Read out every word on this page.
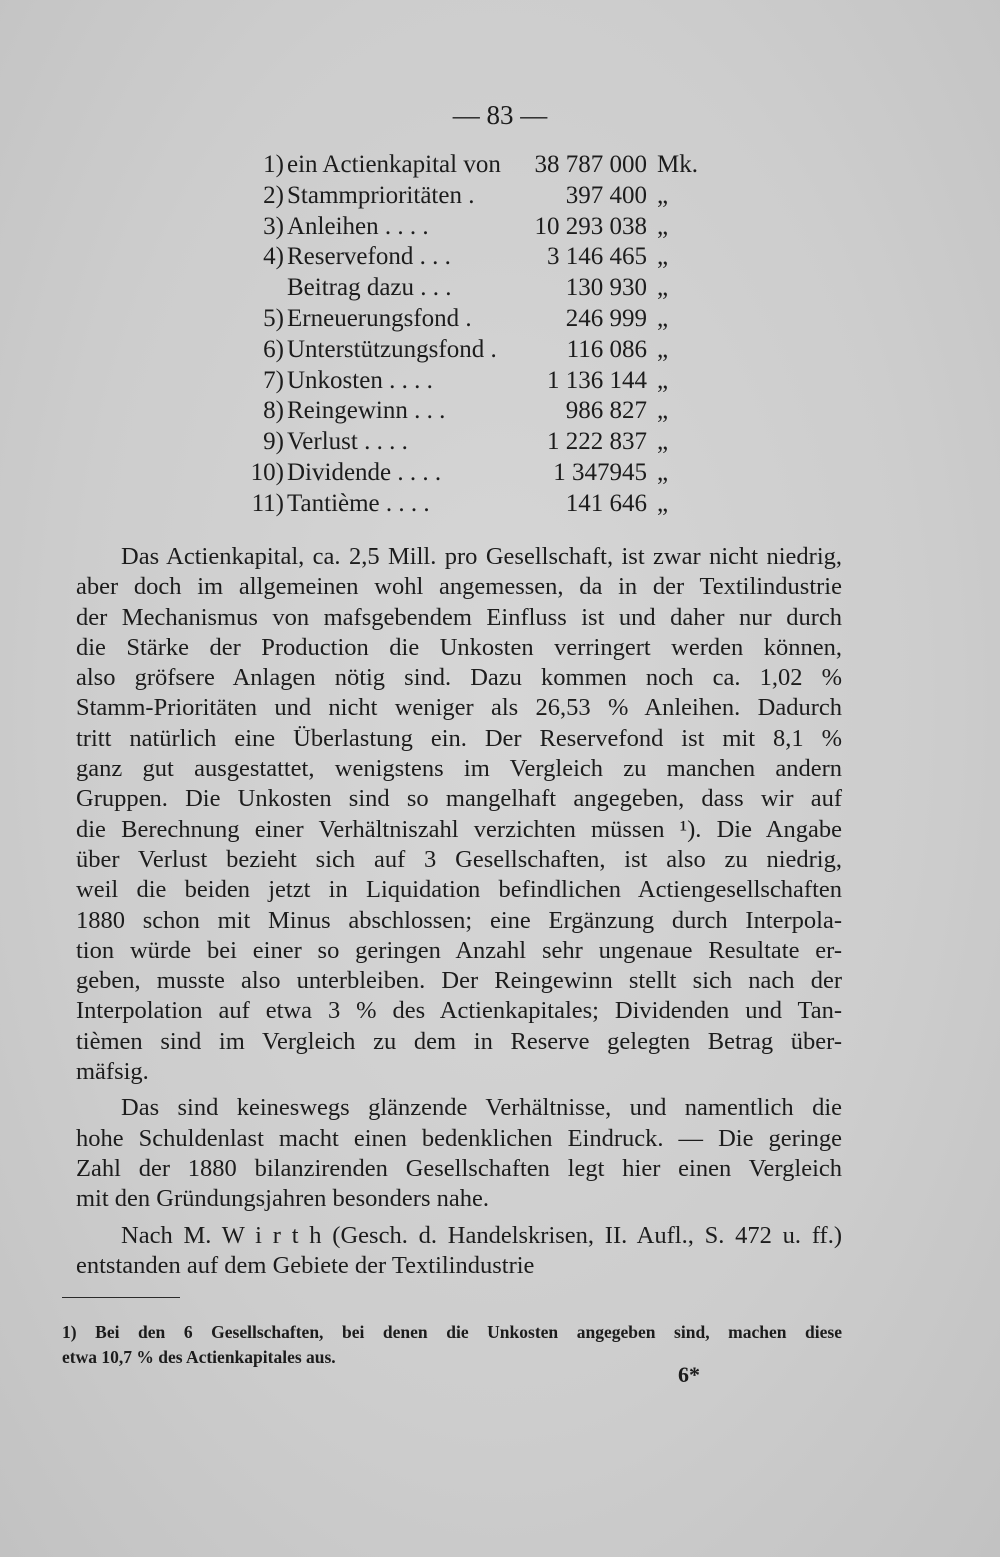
— 83 —
1) ein Actienkapital von 38 787 000 Mk.
2) Stammprioritäten .	397 400 „
3) Anleihen . . . .	10 293 038 „
4) Reservefond . . .	3 146 465 „
Beitrag dazu . . .	130 930 „
5) Erneuerungsfond .	246 999 „
6) Unterstützungsfond .	116 086 „
7) Unkosten . . . .	1 136 144 „
8) Reingewinn . . .	986 827 „
9) Verlust . . . .	1 222 837 „
10) Dividende . . . .	1 347945 „
11) Tantième . . . .	141 646 „
Das Actienkapital, ca. 2,5 Mill. pro Gesellschaft, ist zwar nicht niedrig,
aber doch im allgemeinen wohl angemessen, da in der Textilindustrie
der Mechanismus von mafsgebendem Einfluss ist und daher nur durch
die Stärke der Production die Unkosten verringert werden können,
also gröfsere Anlagen nötig sind. Dazu kommen noch ca. 1,02 %
Stamm-Prioritäten und nicht weniger als 26,53 % Anleihen. Dadurch
tritt natürlich eine Überlastung ein. Der Reservefond ist mit 8,1 %
ganz gut ausgestattet, wenigstens im Vergleich zu manchen andern
Gruppen. Die Unkosten sind so mangelhaft angegeben, dass wir auf
die Berechnung einer Verhältniszahl verzichten müssen ¹). Die Angabe
über Verlust bezieht sich auf 3 Gesellschaften, ist also zu niedrig,
weil die beiden jetzt in Liquidation befindlichen Actiengesellschaften
1880 schon mit Minus abschlossen; eine Ergänzung durch Interpola-
tion würde bei einer so geringen Anzahl sehr ungenaue Resultate er-
geben, musste also unterbleiben. Der Reingewinn stellt sich nach der
Interpolation auf etwa 3 % des Actienkapitales; Dividenden und Tan-
tièmen sind im Vergleich zu dem in Reserve gelegten Betrag über-
mäfsig.
Das sind keineswegs glänzende Verhältnisse, und namentlich die
hohe Schuldenlast macht einen bedenklichen Eindruck. — Die geringe
Zahl der 1880 bilanzirenden Gesellschaften legt hier einen Vergleich
mit den Gründungsjahren besonders nahe.
Nach M. W i r t h (Gesch. d. Handelskrisen, II. Aufl., S. 472 u. ff.)
entstanden auf dem Gebiete der Textilindustrie
1) Bei den 6 Gesellschaften, bei denen die Unkosten angegeben sind, machen diese
etwa 10,7 % des Actienkapitales aus.
6*
